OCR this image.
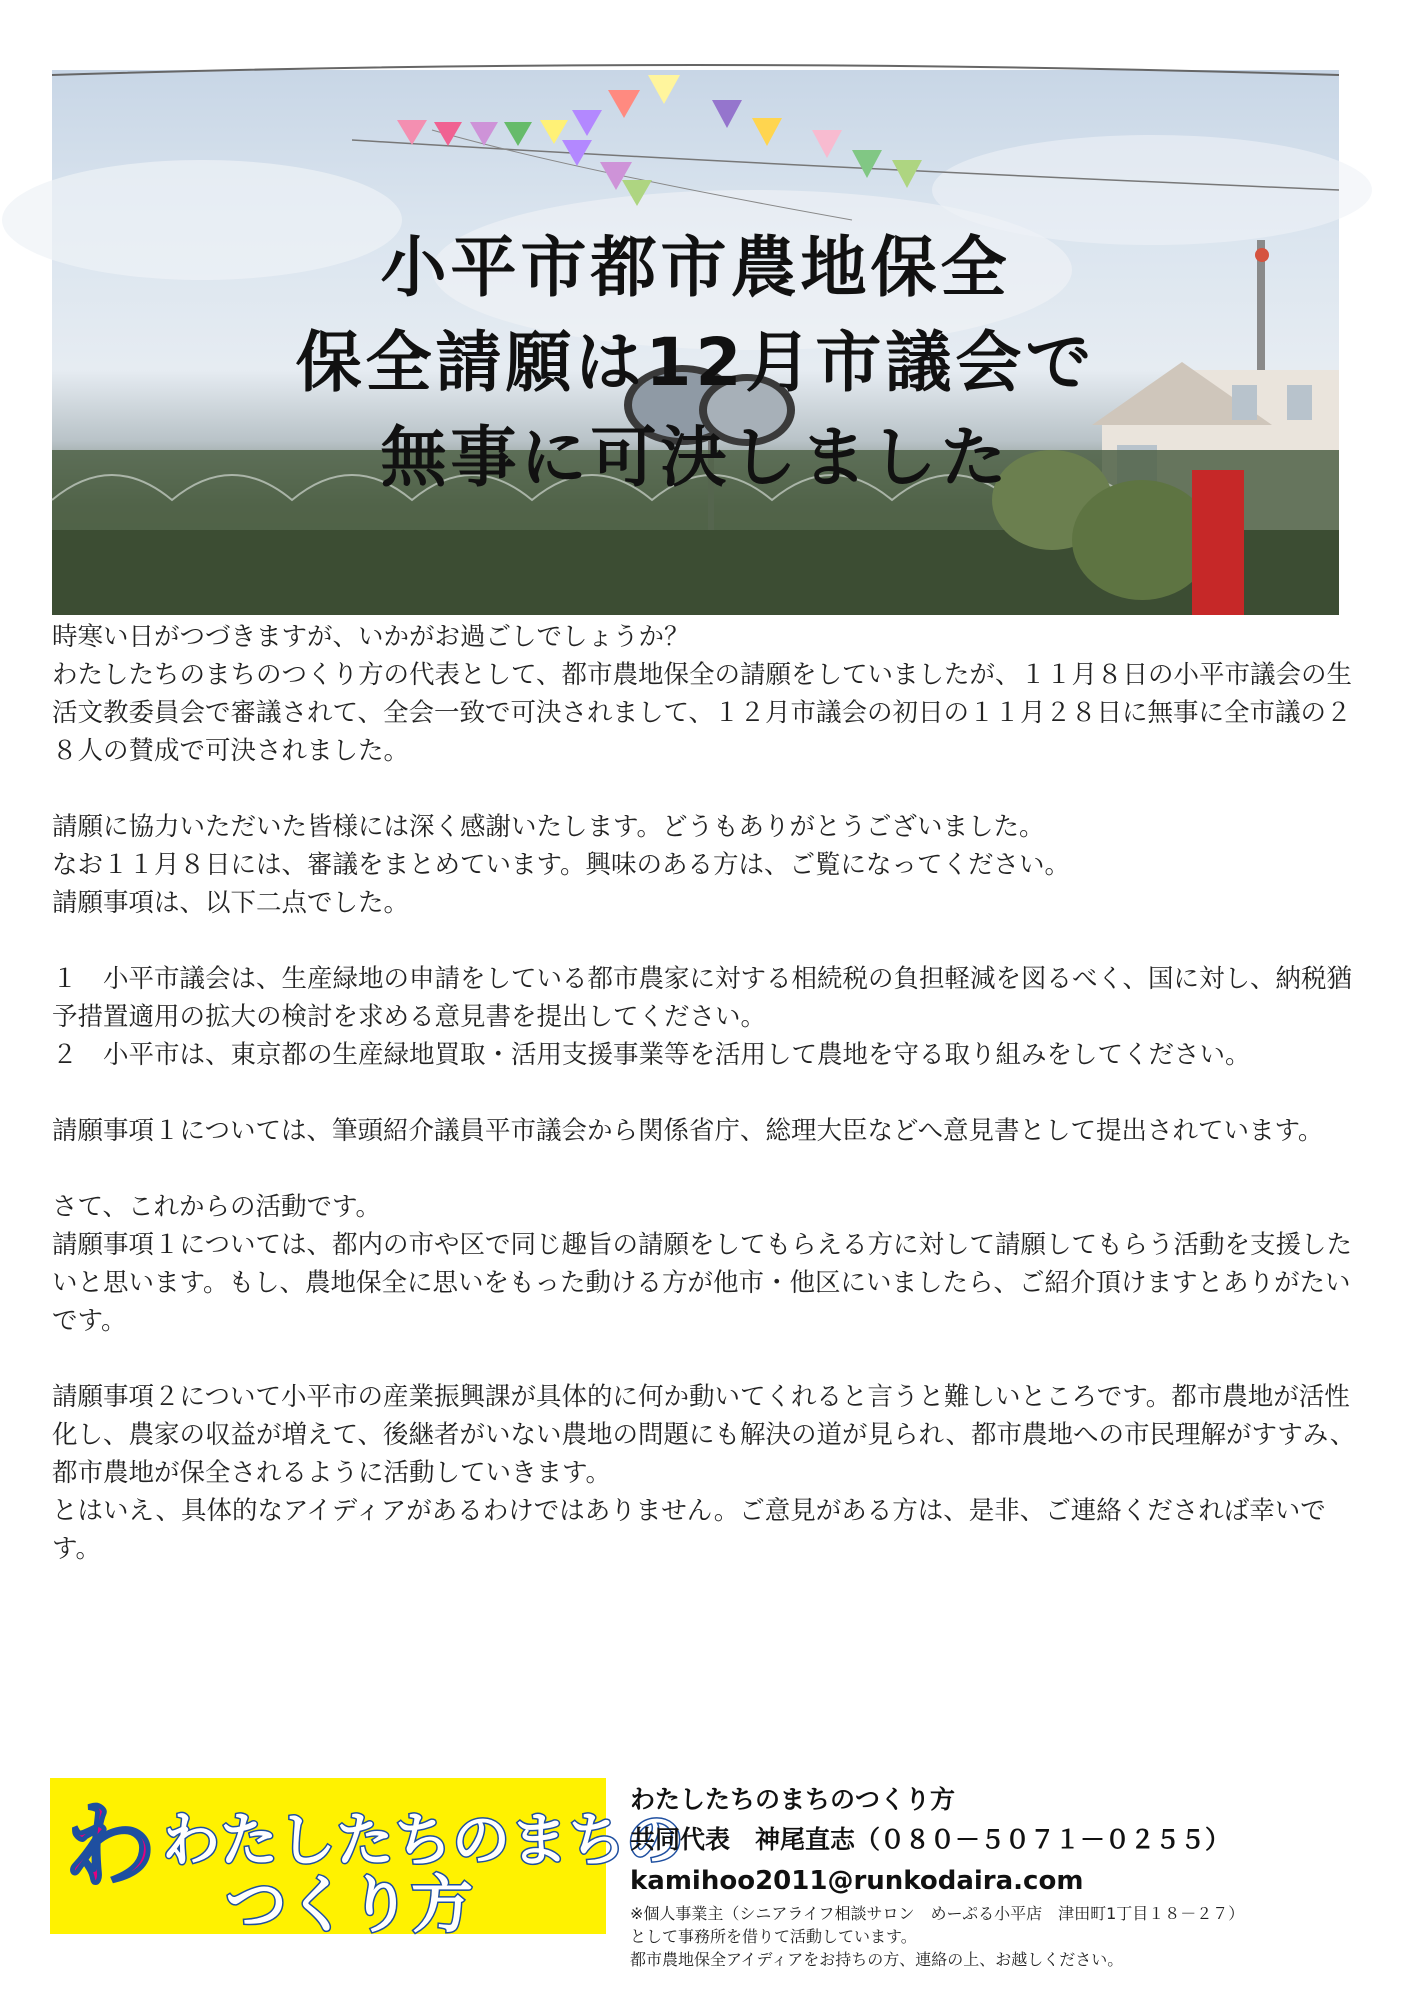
小平市都市農地保全
保全請願は12月市議会で
無事に可決しました

時寒い日がつづきますが、いかがお過ごしでしょうか？

わたしたちのまちのつくり方の代表として、都市農地保全の請願をしていましたが、１１月８日の小平市議会の生活文教委員会で審議されて、全会一致で可決されまして、１２月市議会の初日の１１月２８日に無事に全市議の２８人の賛成で可決されました。

請願に協力いただいた皆様には深く感謝いたします。どうもありがとうございました。

なお１１月８日には、審議をまとめています。興味のある方は、ご覧になってください。

請願事項は、以下二点でした。

１　小平市議会は、生産緑地の申請をしている都市農家に対する相続税の負担軽減を図るべく、国に対し、納税猶予措置適用の拡大の検討を求める意見書を提出してください。

２　小平市は、東京都の生産緑地買取・活用支援事業等を活用して農地を守る取り組みをしてください。

請願事項１については、筆頭紹介議員平市議会から関係省庁、総理大臣などへ意見書として提出されています。

さて、これからの活動です。

請願事項１については、都内の市や区で同じ趣旨の請願をしてもらえる方に対して請願してもらう活動を支援したいと思います。もし、農地保全に思いをもった動ける方が他市・他区にいましたら、ご紹介頂けますとありがたいです。

請願事項２について小平市の産業振興課が具体的に何か動いてくれると言うと難しいところです。都市農地が活性化し、農家の収益が増えて、後継者がいない農地の問題にも解決の道が見られ、都市農地への市民理解がすすみ、都市農地が保全されるように活動していきます。

とはいえ、具体的なアイディアがあるわけではありません。ご意見がある方は、是非、ご連絡くだされば幸いです。

わ わたしたちのまちの
つくり方
わたしたちのまちのつくり方
共同代表　神尾直志（０８０－５０７１－０２５５）
kamihoo2011@runkodaira.com
※個人事業主（シニアライフ相談サロン　めーぷる小平店　津田町1丁目１８－２７）
として事務所を借りて活動しています。
都市農地保全アイディアをお持ちの方、連絡の上、お越しください。
